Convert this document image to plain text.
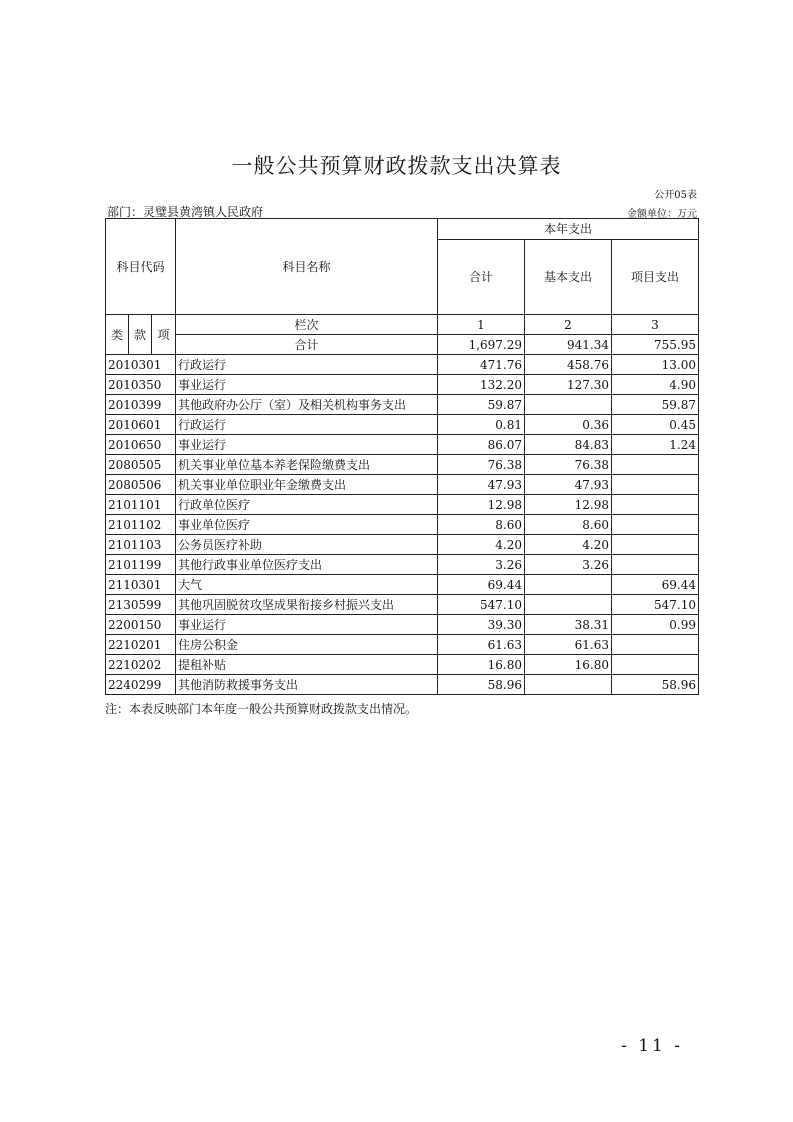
一般公共预算财政拨款支出决算表
公开05表
部门：灵璧县黄湾镇人民政府	金额单位：万元
科目代码			科目名称	本年支出		
				合计	基本支出	项目支出
类	款	项	栏次	1	2	3
			合计	1,697.29	941.34	755.95
2010301			行政运行	471.76	458.76	13.00
2010350			事业运行	132.20	127.30	4.90
2010399			其他政府办公厅（室）及相关机构事务支出	59.87		59.87
2010601			行政运行	0.81	0.36	0.45
2010650			事业运行	86.07	84.83	1.24
2080505			机关事业单位基本养老保险缴费支出	76.38	76.38	
2080506			机关事业单位职业年金缴费支出	47.93	47.93	
2101101			行政单位医疗	12.98	12.98	
2101102			事业单位医疗	8.60	8.60	
2101103			公务员医疗补助	4.20	4.20	
2101199			其他行政事业单位医疗支出	3.26	3.26	
2110301			大气	69.44		69.44
2130599			其他巩固脱贫攻坚成果衔接乡村振兴支出	547.10		547.10
2200150			事业运行	39.30	38.31	0.99
2210201			住房公积金	61.63	61.63	
2210202			提租补贴	16.80	16.80	
2240299			其他消防救援事务支出	58.96		58.96
注：本表反映部门本年度一般公共预算财政拨款支出情况。
- 11 -
